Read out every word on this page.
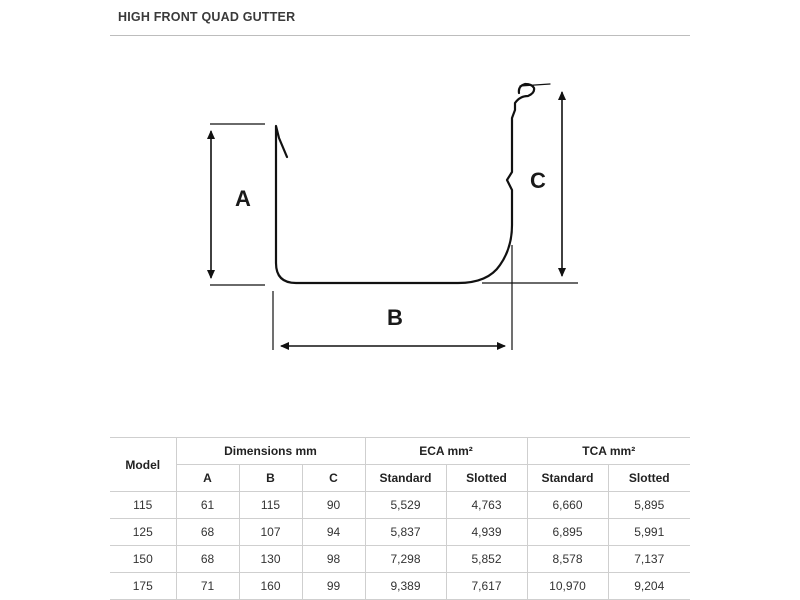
HIGH FRONT QUAD GUTTER
A
B
C
Model	Dimensions mm			ECA mm²		TCA mm²	
	A	B	C	Standard	Slotted	Standard	Slotted
115	61	115	90	5,529	4,763	6,660	5,895
125	68	107	94	5,837	4,939	6,895	5,991
150	68	130	98	7,298	5,852	8,578	7,137
175	71	160	99	9,389	7,617	10,970	9,204
